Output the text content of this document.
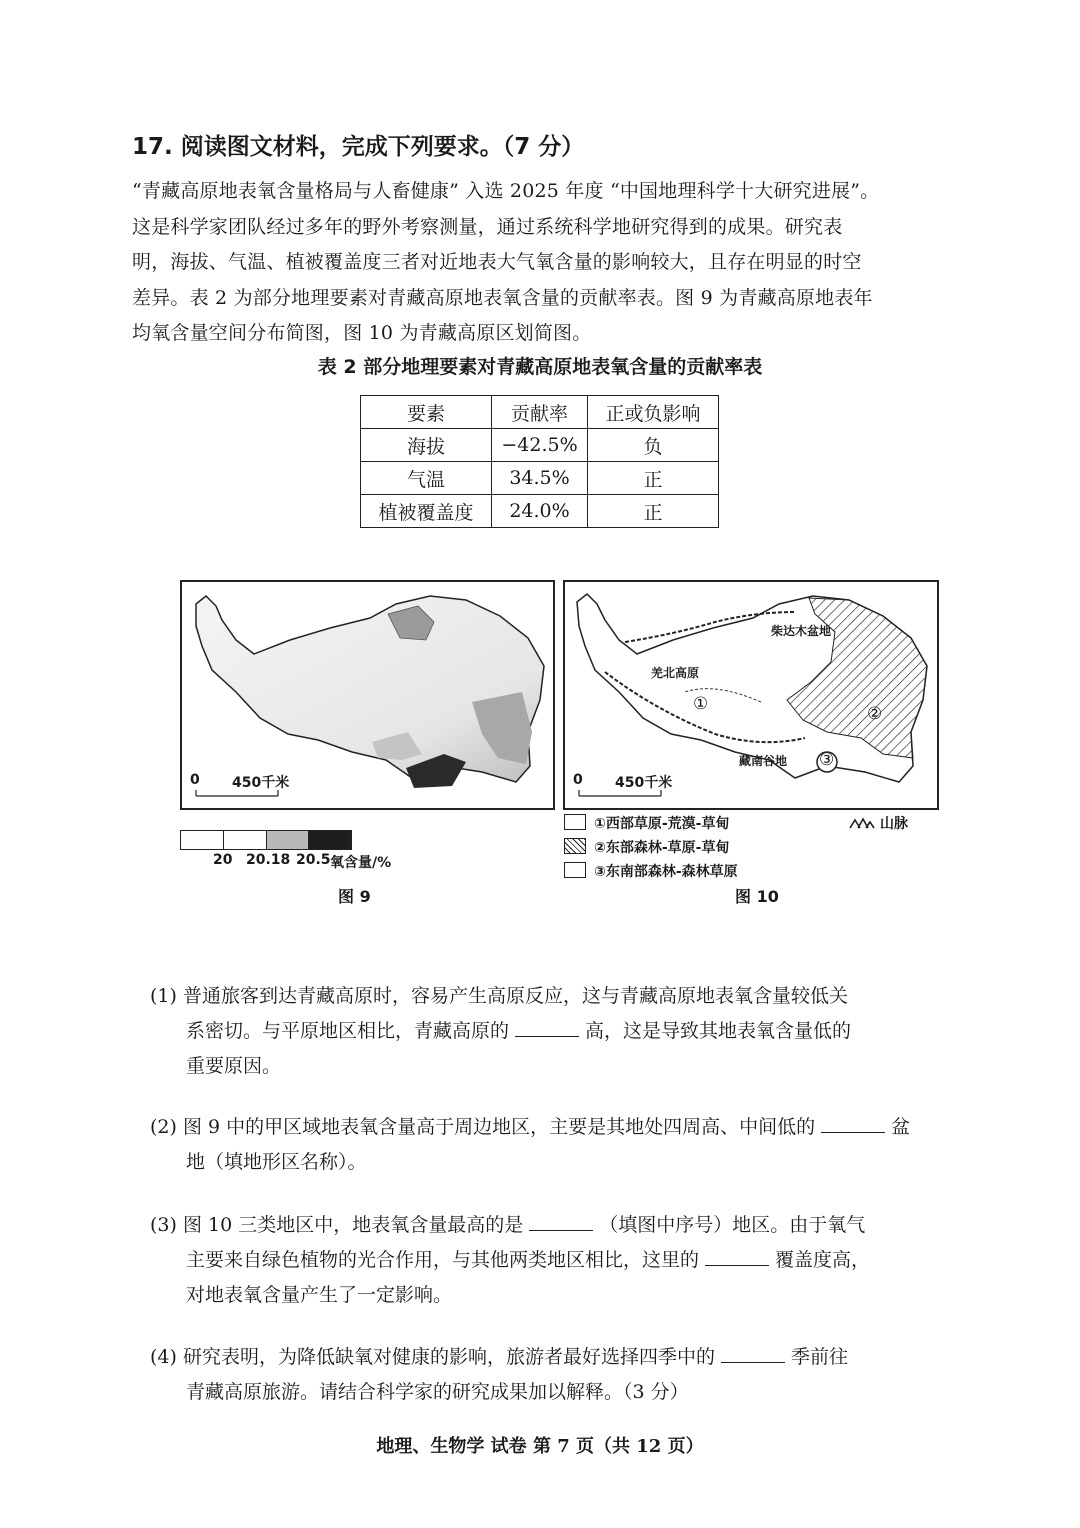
17. 阅读图文材料，完成下列要求。（7 分）
“青藏高原地表氧含量格局与人畜健康” 入选 2025 年度 “中国地理科学十大研究进展”。
这是科学家团队经过多年的野外考察测量，通过系统科学地研究得到的成果。研究表
明，海拔、气温、植被覆盖度三者对近地表大气氧含量的影响较大，且存在明显的时空
差异。表 2 为部分地理要素对青藏高原地表氧含量的贡献率表。图 9 为青藏高原地表年
均氧含量空间分布简图，图 10 为青藏高原区划简图。
表 2 部分地理要素对青藏高原地表氧含量的贡献率表
要素	贡献率	正或负影响
海拔	−42.5%	负
气温	34.5%	正
植被覆盖度	24.0%	正
0 450千米
20 20.18 20.5 氧含量/%
图 9
柴达木盆地
羌北高原
藏南谷地
①	②
③
0 450千米
①西部草原-荒漠-草甸
②东部森林-草原-草甸
③东南部森林-森林草原
山脉
图 10
(1) 普通旅客到达青藏高原时，容易产生高原反应，这与青藏高原地表氧含量较低关
系密切。与平原地区相比，青藏高原的	高，这是导致其地表氧含量低的
重要原因。
(2) 图 9 中的甲区域地表氧含量高于周边地区，主要是其地处四周高、中间低的	盆
地（填地形区名称）。
(3) 图 10 三类地区中，地表氧含量最高的是	（填图中序号）地区。由于氧气
主要来自绿色植物的光合作用，与其他两类地区相比，这里的	覆盖度高，
对地表氧含量产生了一定影响。
(4) 研究表明，为降低缺氧对健康的影响，旅游者最好选择四季中的	季前往
青藏高原旅游。请结合科学家的研究成果加以解释。（3 分）
地理、生物学 试卷 第 7 页（共 12 页）
